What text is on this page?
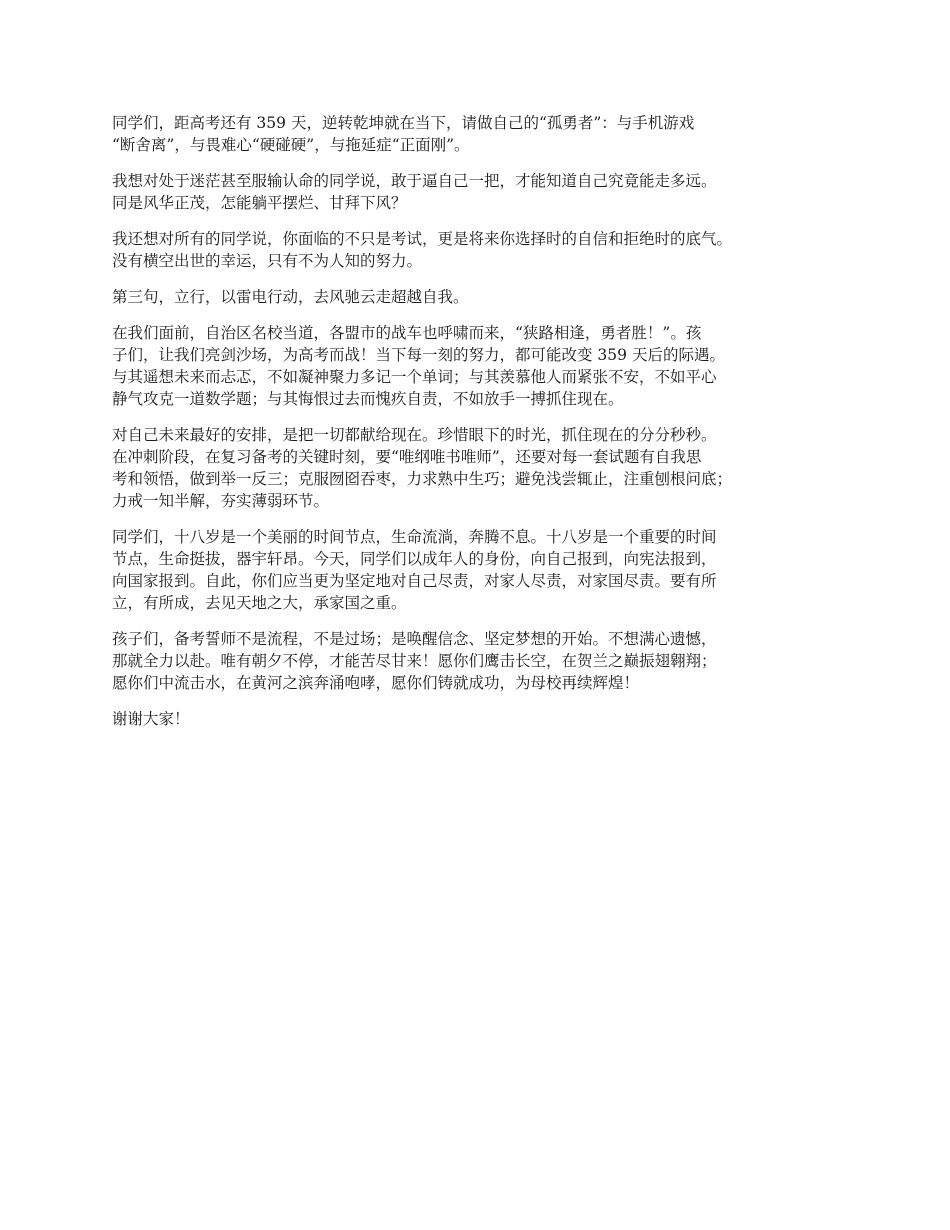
同学们，距高考还有 359 天，逆转乾坤就在当下，请做自己的“孤勇者”：与手机游戏
“断舍离”，与畏难心“硬碰硬”，与拖延症“正面刚”。

我想对处于迷茫甚至服输认命的同学说，敢于逼自己一把，才能知道自己究竟能走多远。
同是风华正茂，怎能躺平摆烂、甘拜下风？

我还想对所有的同学说，你面临的不只是考试，更是将来你选择时的自信和拒绝时的底气。
没有横空出世的幸运，只有不为人知的努力。

第三句，立行，以雷电行动，去风驰云走超越自我。

在我们面前，自治区名校当道，各盟市的战车也呼啸而来，“狭路相逢，勇者胜！”。孩
子们，让我们亮剑沙场，为高考而战！当下每一刻的努力，都可能改变 359 天后的际遇。
与其遥想未来而忐忑，不如凝神聚力多记一个单词；与其羡慕他人而紧张不安，不如平心
静气攻克一道数学题；与其悔恨过去而愧疚自责，不如放手一搏抓住现在。

对自己未来最好的安排，是把一切都献给现在。珍惜眼下的时光，抓住现在的分分秒秒。
在冲刺阶段，在复习备考的关键时刻，要“唯纲唯书唯师”，还要对每一套试题有自我思
考和领悟，做到举一反三；克服囫囵吞枣，力求熟中生巧；避免浅尝辄止，注重刨根问底；
力戒一知半解，夯实薄弱环节。

同学们，十八岁是一个美丽的时间节点，生命流淌，奔腾不息。十八岁是一个重要的时间
节点，生命挺拔，器宇轩昂。今天，同学们以成年人的身份，向自己报到，向宪法报到，
向国家报到。自此，你们应当更为坚定地对自己尽责，对家人尽责，对家国尽责。要有所
立，有所成，去见天地之大，承家国之重。

孩子们，备考誓师不是流程，不是过场；是唤醒信念、坚定梦想的开始。不想满心遗憾，
那就全力以赴。唯有朝夕不停，才能苦尽甘来！愿你们鹰击长空，在贺兰之巅振翅翱翔；
愿你们中流击水，在黄河之滨奔涌咆哮，愿你们铸就成功，为母校再续辉煌！

谢谢大家！
